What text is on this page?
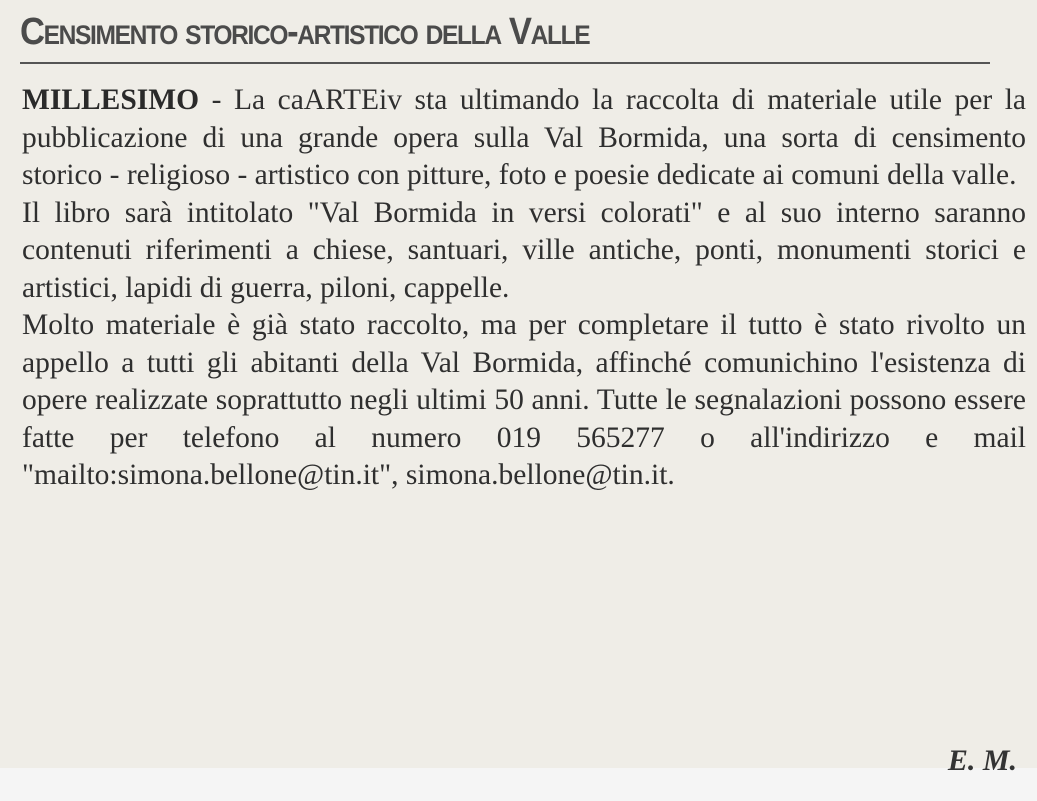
Censimento storico-artistico della Valle

MILLESIMO - La caARTEiv sta ultimando la raccolta di materiale utile per la pubblicazione di una grande opera sulla Val Bormida, una sorta di censimento storico - religioso - artistico con pitture, foto e poesie dedicate ai comuni della valle.

Il libro sarà intitolato "Val Bormida in versi colorati" e al suo interno saranno contenuti riferimenti a chiese, santuari, ville antiche, ponti, monumenti storici e artistici, lapidi di guerra, piloni, cappelle.

Molto materiale è già stato raccolto, ma per completare il tutto è stato rivolto un appello a tutti gli abitanti della Val Bormida, affinché comunichino l'esistenza di opere realizzate soprattutto negli ultimi 50 anni. Tutte le segnalazioni possono essere fatte per telefono al numero 019 565277 o all'indirizzo e mail "mailto:simona.bellone@tin.it", simona.bellone@tin.it.

E. M.
